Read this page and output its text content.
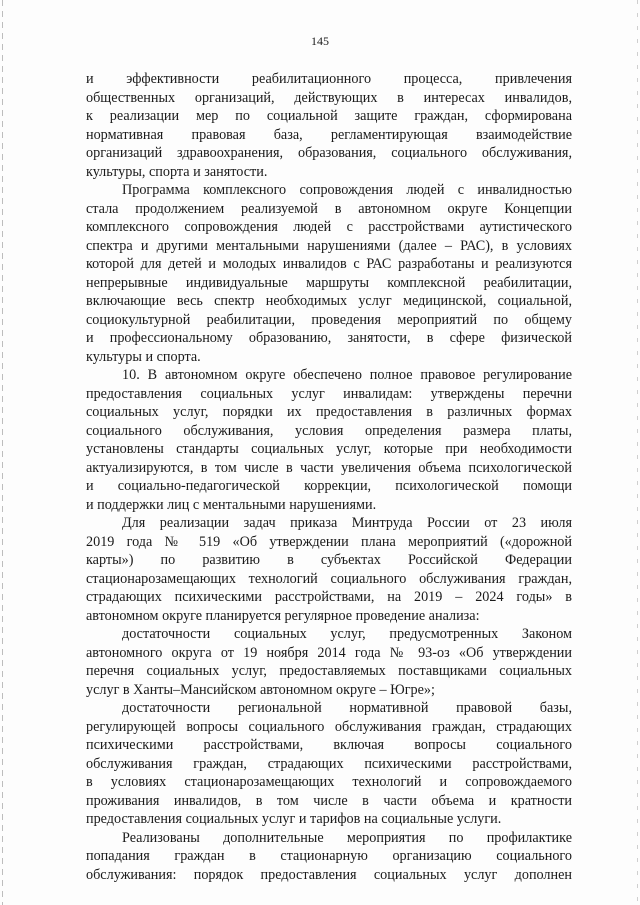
145

и эффективности реабилитационного процесса, привлечения
общественных организаций, действующих в интересах инвалидов,
к реализации мер по социальной защите граждан, сформирована
нормативная правовая база, регламентирующая взаимодействие
организаций здравоохранения, образования, социального обслуживания,
культуры, спорта и занятости.

Программа комплексного сопровождения людей с инвалидностью
стала продолжением реализуемой в автономном округе Концепции
комплексного сопровождения людей с расстройствами аутистического
спектра и другими ментальными нарушениями (далее – РАС), в условиях
которой для детей и молодых инвалидов с РАС разработаны и реализуются
непрерывные индивидуальные маршруты комплексной реабилитации,
включающие весь спектр необходимых услуг медицинской, социальной,
социокультурной реабилитации, проведения мероприятий по общему
и профессиональному образованию, занятости, в сфере физической
культуры и спорта.

10. В автономном округе обеспечено полное правовое регулирование
предоставления социальных услуг инвалидам: утверждены перечни
социальных услуг, порядки их предоставления в различных формах
социального обслуживания, условия определения размера платы,
установлены стандарты социальных услуг, которые при необходимости
актуализируются, в том числе в части увеличения объема психологической
и социально-педагогической коррекции, психологической помощи
и поддержки лиц с ментальными нарушениями.

Для реализации задач приказа Минтруда России от 23 июля
2019 года № 519 «Об утверждении плана мероприятий («дорожной
карты») по развитию в субъектах Российской Федерации
стационарозамещающих технологий социального обслуживания граждан,
страдающих психическими расстройствами, на 2019 – 2024 годы» в
автономном округе планируется регулярное проведение анализа:

достаточности социальных услуг, предусмотренных Законом
автономного округа от 19 ноября 2014 года № 93-оз «Об утверждении
перечня социальных услуг, предоставляемых поставщиками социальных
услуг в Ханты–Мансийском автономном округе – Югре»;

достаточности региональной нормативной правовой базы,
регулирующей вопросы социального обслуживания граждан, страдающих
психическими расстройствами, включая вопросы социального
обслуживания граждан, страдающих психическими расстройствами,
в условиях стационарозамещающих технологий и сопровождаемого
проживания инвалидов, в том числе в части объема и кратности
предоставления социальных услуг и тарифов на социальные услуги.

Реализованы дополнительные мероприятия по профилактике
попадания граждан в стационарную организацию социального
обслуживания: порядок предоставления социальных услуг дополнен
